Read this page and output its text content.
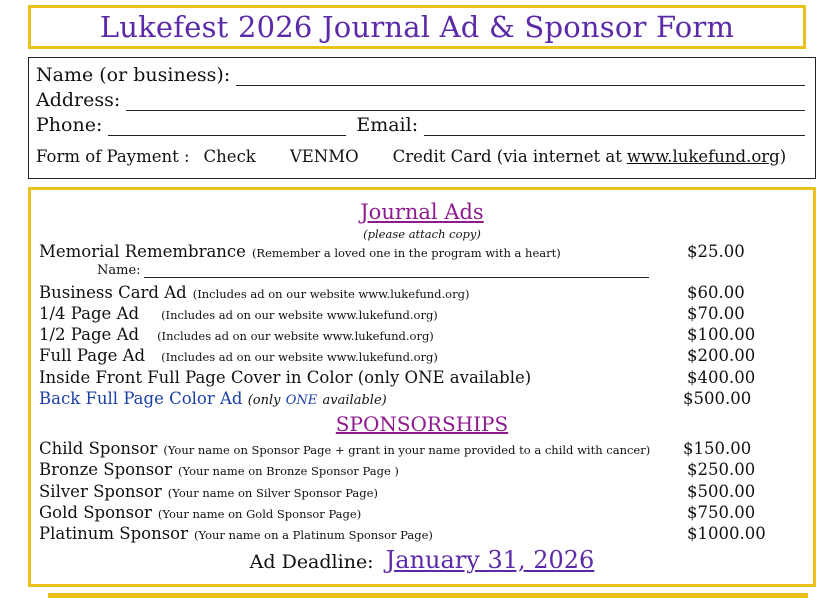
Lukefest 2026 Journal Ad & Sponsor Form
Name (or business):
Address:
Phone:	Email:
Form of Payment : Check VENMO Credit Card (via internet at www.lukefund.org )
Journal Ads
(please attach copy)
Memorial Remembrance (Remember a loved one in the program with a heart)	$25.00
Name:
Business Card Ad (Includes ad on our website www.lukefund.org)	$60.00
1/4 Page Ad (Includes ad on our website www.lukefund.org)	$70.00
1/2 Page Ad (Includes ad on our website www.lukefund.org)	$100.00
Full Page Ad (Includes ad on our website www.lukefund.org)	$200.00
Inside Front Full Page Cover in Color (only ONE available)	$400.00
Back Full Page Color Ad (only ONE available)	$500.00
SPONSORSHIPS
Child Sponsor (Your name on Sponsor Page + grant in your name provided to a child with cancer) $150.00
Bronze Sponsor (Your name on Bronze Sponsor Page )	$250.00
Silver Sponsor (Your name on Silver Sponsor Page)	$500.00
Gold Sponsor (Your name on Gold Sponsor Page)	$750.00
Platinum Sponsor (Your name on a Platinum Sponsor Page)	$1000.00
Ad Deadline: January 31, 2026
